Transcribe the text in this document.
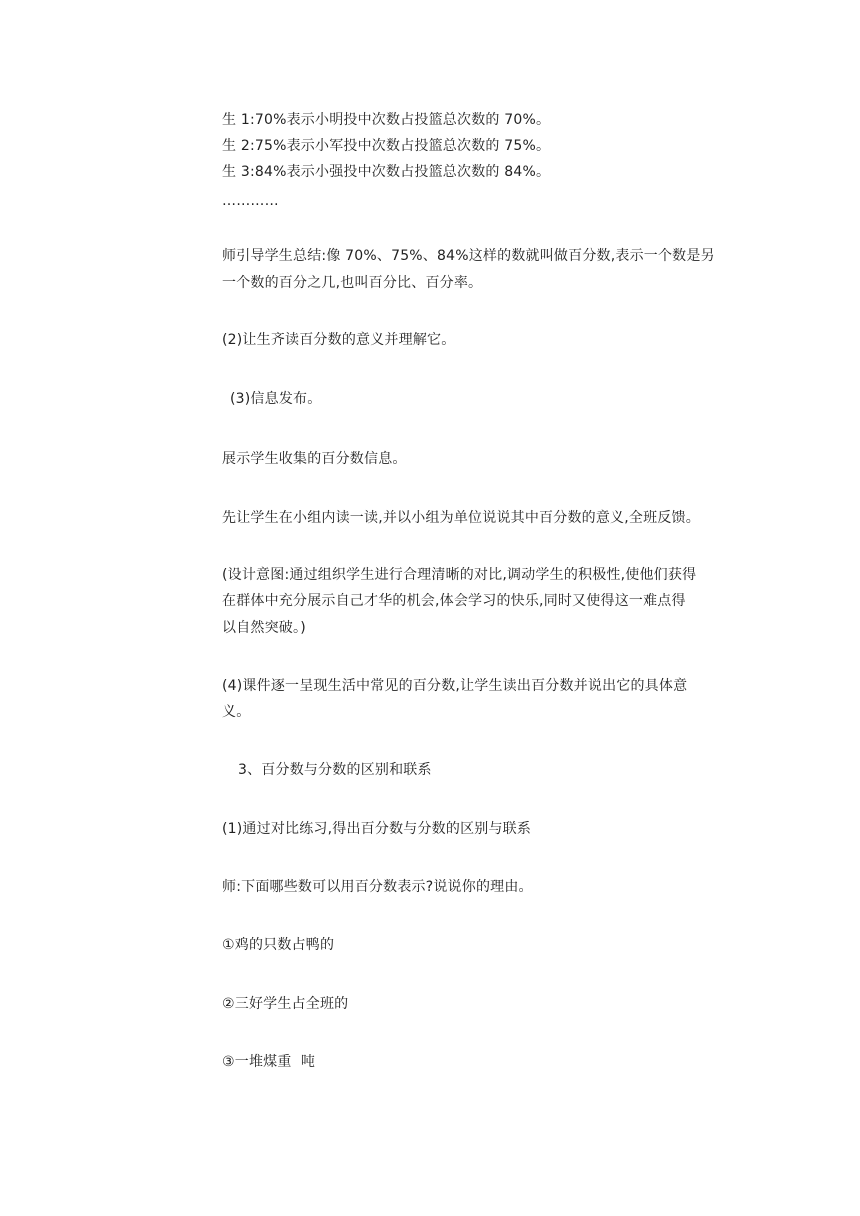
生 1:70%表示小明投中次数占投篮总次数的 70%。
生 2:75%表示小军投中次数占投篮总次数的 75%。
生 3:84%表示小强投中次数占投篮总次数的 84%。
…………
师引导学生总结:像 70%、75%、84%这样的数就叫做百分数,表示一个数是另
一个数的百分之几,也叫百分比、百分率。
(2)让生齐读百分数的意义并理解它。
(3)信息发布。
展示学生收集的百分数信息。
先让学生在小组内读一读,并以小组为单位说说其中百分数的意义,全班反馈。
(设计意图:通过组织学生进行合理清晰的对比,调动学生的积极性,使他们获得
在群体中充分展示自己才华的机会,体会学习的快乐,同时又使得这一难点得
以自然突破。)
(4)课件逐一呈现生活中常见的百分数,让学生读出百分数并说出它的具体意
义。
3、百分数与分数的区别和联系
(1)通过对比练习,得出百分数与分数的区别与联系
师:下面哪些数可以用百分数表示?说说你的理由。
①鸡的只数占鸭的
②三好学生占全班的
③一堆煤重  吨
